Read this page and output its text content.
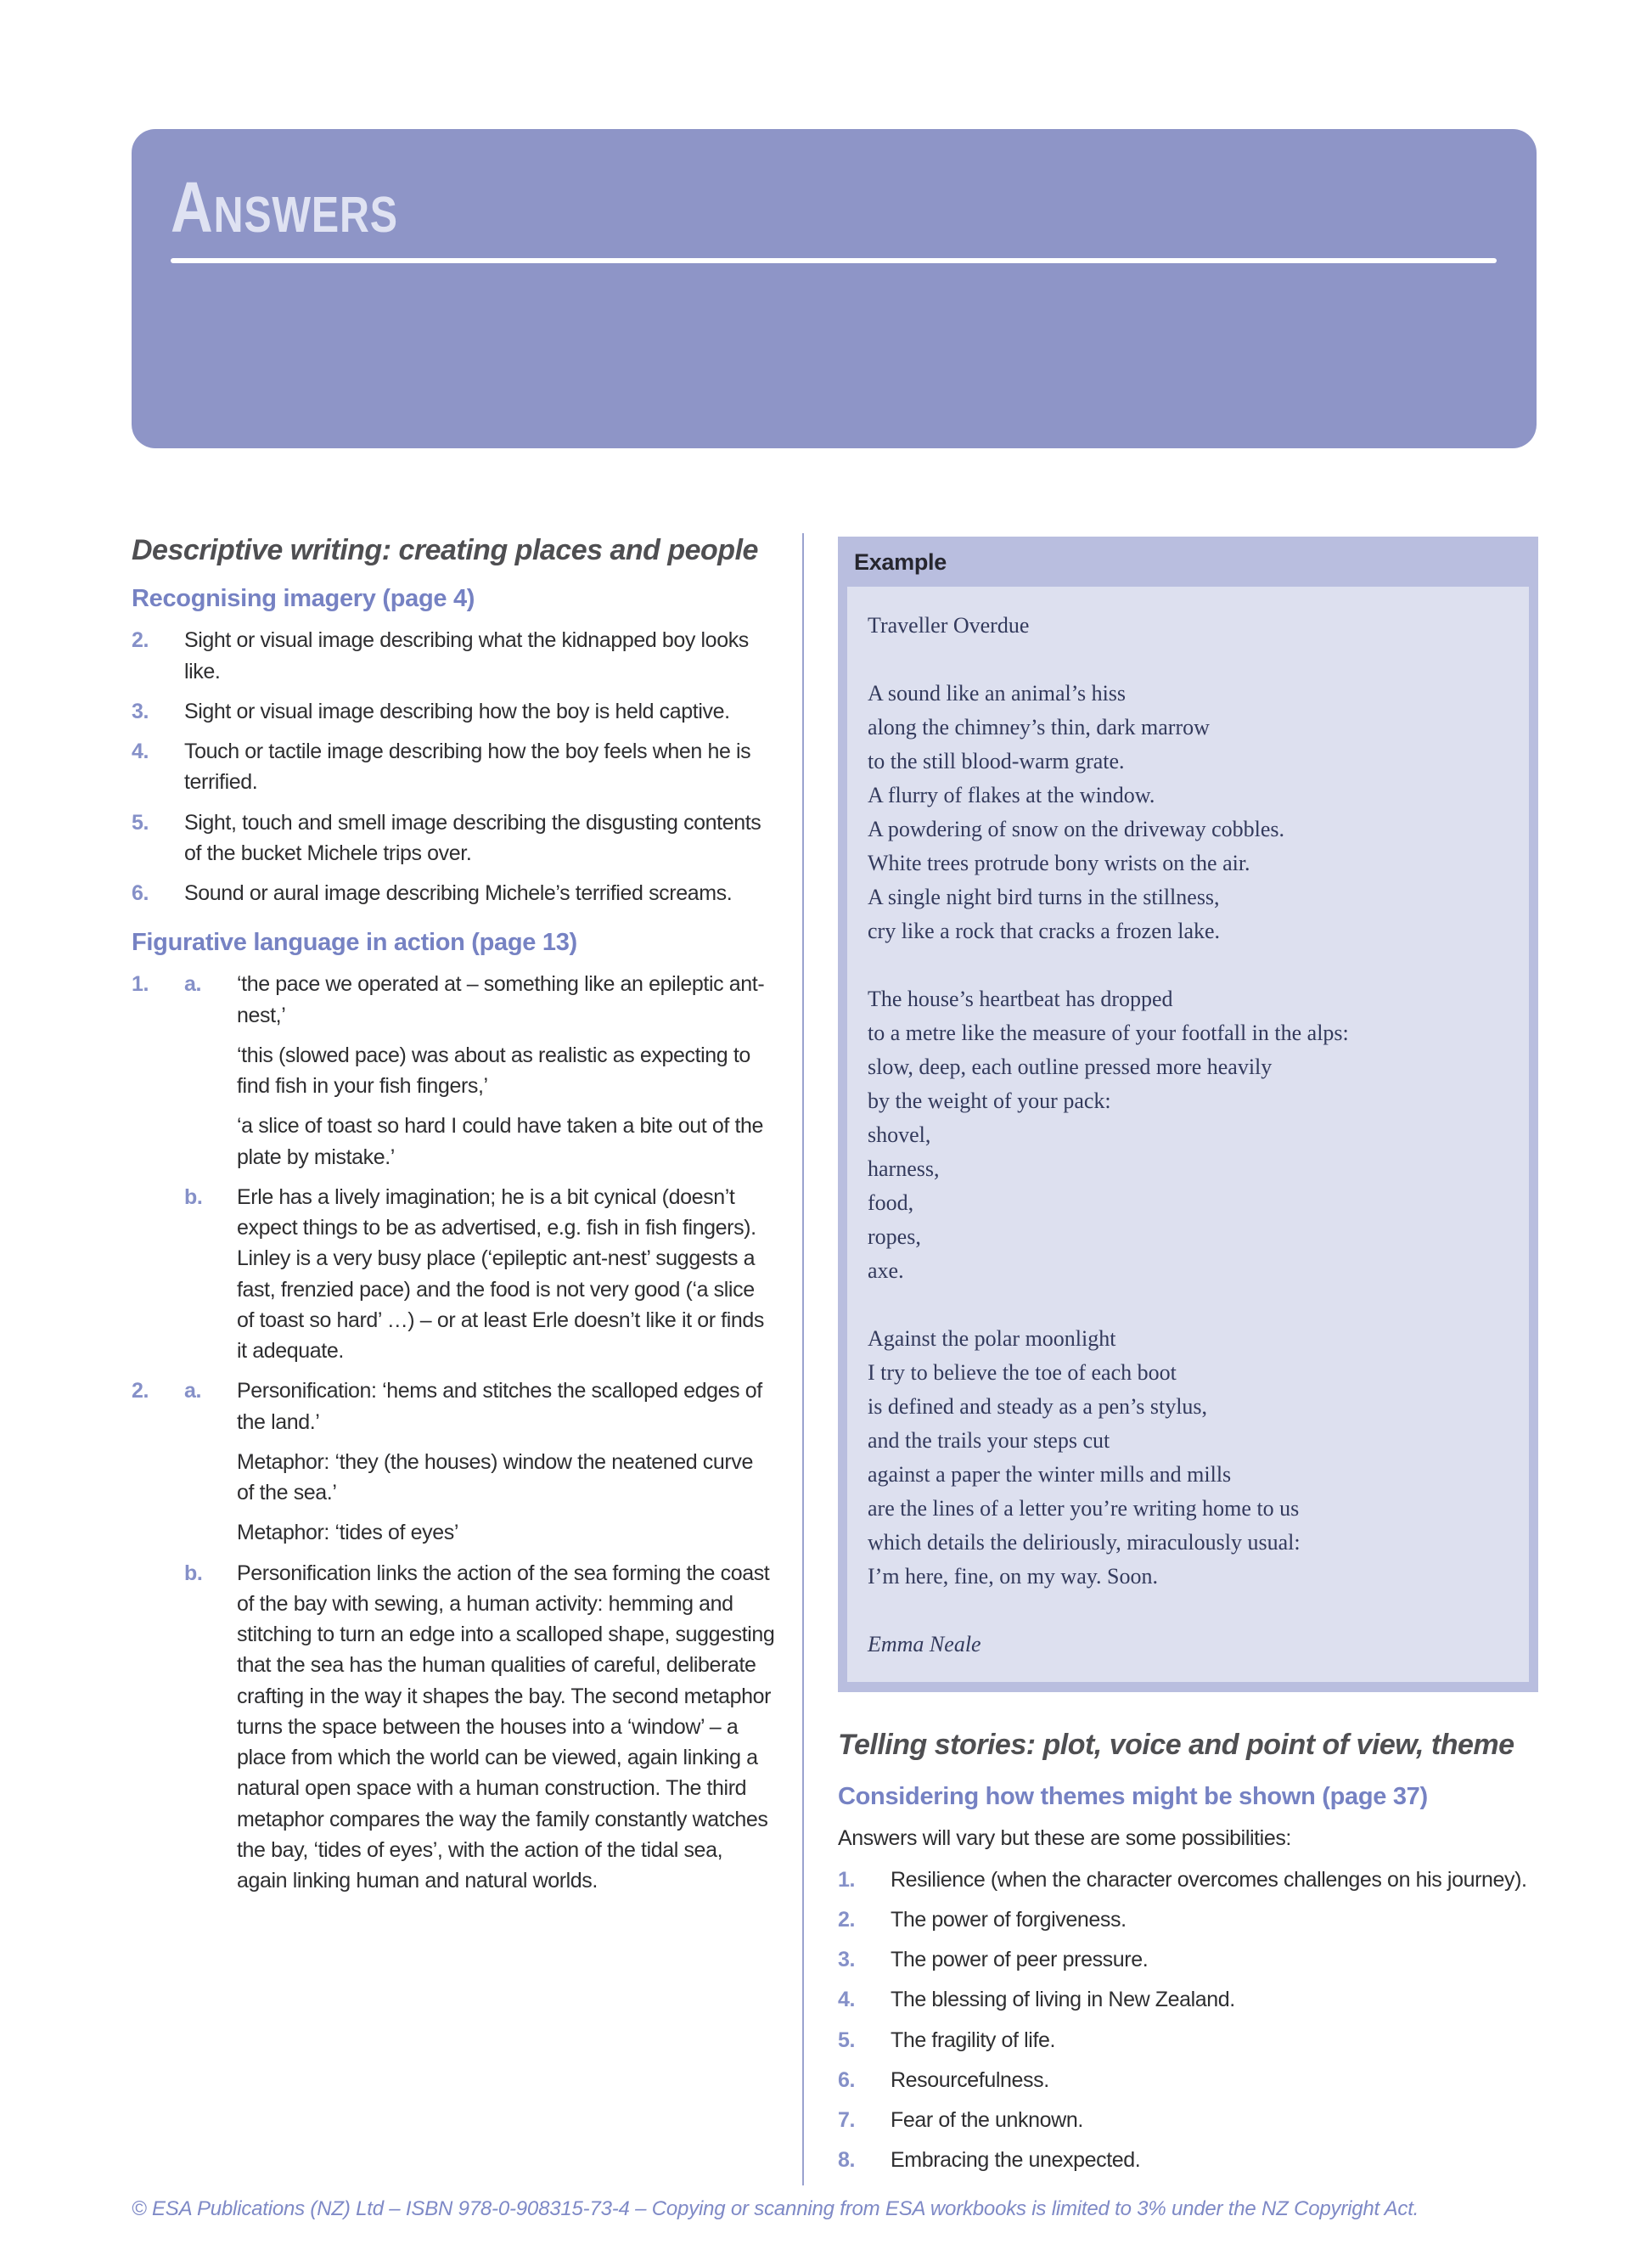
Answers
Descriptive writing: creating places and people
Recognising imagery (page 4)
2.	Sight or visual image describing what the kidnapped boy looks like.
3.	Sight or visual image describing how the boy is held captive.
4.	Touch or tactile image describing how the boy feels when he is terrified.
5.	Sight, touch and smell image describing the disgusting contents of the bucket Michele trips over.
6.	Sound or aural image describing Michele’s terrified screams.
Figurative language in action (page 13)
1.	a.	‘the pace we operated at – something like an epileptic ant-nest,’
‘this (slowed pace) was about as realistic as expecting to find fish in your fish fingers,’
‘a slice of toast so hard I could have taken a bite out of the plate by mistake.’
b.	Erle has a lively imagination; he is a bit cynical (doesn’t expect things to be as advertised, e.g. fish in fish fingers). Linley is a very busy place (‘epileptic ant-nest’ suggests a fast, frenzied pace) and the food is not very good (‘a slice of toast so hard’ …) – or at least Erle doesn’t like it or finds it adequate.
2.	a.	Personification: ‘hems and stitches the scalloped edges of the land.’
Metaphor: ‘they (the houses) window the neatened curve of the sea.’
Metaphor: ‘tides of eyes’
b.	Personification links the action of the sea forming the coast of the bay with sewing, a human activity: hemming and stitching to turn an edge into a scalloped shape, suggesting that the sea has the human qualities of careful, deliberate crafting in the way it shapes the bay. The second metaphor turns the space between the houses into a ‘window’ – a place from which the world can be viewed, again linking a natural open space with a human construction. The third metaphor compares the way the family constantly watches the bay, ‘tides of eyes’, with the action of the tidal sea, again linking human and natural worlds.
Example
Traveller Overdue
A sound like an animal’s hiss
along the chimney’s thin, dark marrow
to the still blood-warm grate.
A flurry of flakes at the window.
A powdering of snow on the driveway cobbles.
White trees protrude bony wrists on the air.
A single night bird turns in the stillness,
cry like a rock that cracks a frozen lake.
The house’s heartbeat has dropped
to a metre like the measure of your footfall in the alps:
slow, deep, each outline pressed more heavily
by the weight of your pack:
shovel,
harness,
food,
ropes,
axe.
Against the polar moonlight
I try to believe the toe of each boot
is defined and steady as a pen’s stylus,
and the trails your steps cut
against a paper the winter mills and mills
are the lines of a letter you’re writing home to us
which details the deliriously, miraculously usual:
I’m here, fine, on my way. Soon.
Emma Neale
Telling stories: plot, voice and point of view, theme
Considering how themes might be shown (page 37)
Answers will vary but these are some possibilities:
1.	Resilience (when the character overcomes challenges on his journey).
2.	The power of forgiveness.
3.	The power of peer pressure.
4.	The blessing of living in New Zealand.
5.	The fragility of life.
6.	Resourcefulness.
7.	Fear of the unknown.
8.	Embracing the unexpected.
© ESA Publications (NZ) Ltd – ISBN 978-0-908315-73-4 – Copying or scanning from ESA workbooks is limited to 3% under the NZ Copyright Act.
